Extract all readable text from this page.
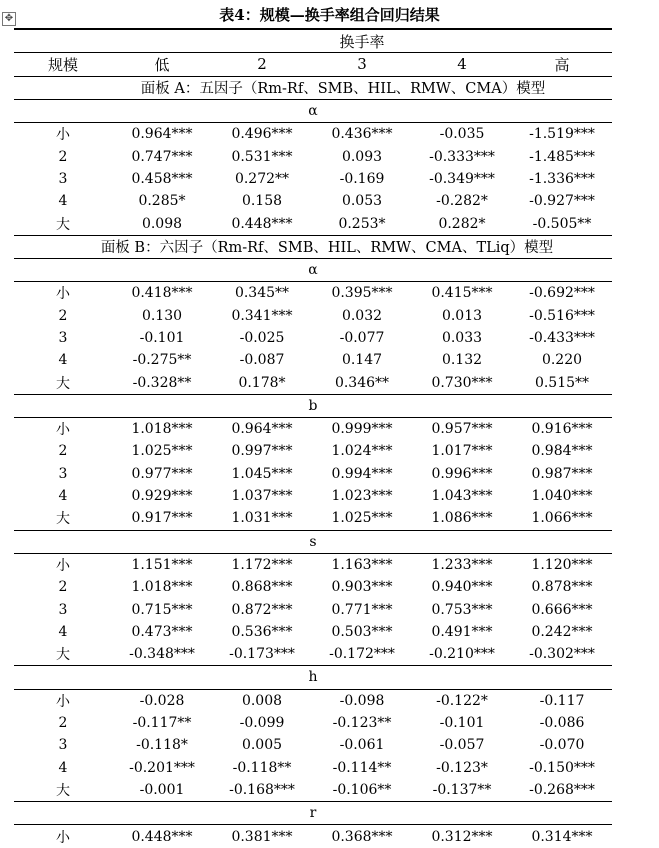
✥	表4：规模—换手率组合回归结果
换手率
规模	低	2	3	4	高
面板 A：五因子（Rm-Rf、SMB、HIL、RMW、CMA）模型
α
小	0.964***	0.496***	0.436***	-0.035	-1.519***
2	0.747***	0.531***	0.093	-0.333***	-1.485***
3	0.458***	0.272**	-0.169	-0.349***	-1.336***
4	0.285*	0.158	0.053	-0.282*	-0.927***
大	0.098	0.448***	0.253*	0.282*	-0.505**
面板 B：六因子（Rm-Rf、SMB、HIL、RMW、CMA、TLiq）模型
α
小	0.418***	0.345**	0.395***	0.415***	-0.692***
2	0.130	0.341***	0.032	0.013	-0.516***
3	-0.101	-0.025	-0.077	0.033	-0.433***
4	-0.275**	-0.087	0.147	0.132	0.220
大	-0.328**	0.178*	0.346**	0.730***	0.515**
b
小	1.018***	0.964***	0.999***	0.957***	0.916***
2	1.025***	0.997***	1.024***	1.017***	0.984***
3	0.977***	1.045***	0.994***	0.996***	0.987***
4	0.929***	1.037***	1.023***	1.043***	1.040***
大	0.917***	1.031***	1.025***	1.086***	1.066***
s
小	1.151***	1.172***	1.163***	1.233***	1.120***
2	1.018***	0.868***	0.903***	0.940***	0.878***
3	0.715***	0.872***	0.771***	0.753***	0.666***
4	0.473***	0.536***	0.503***	0.491***	0.242***
大	-0.348***	-0.173***	-0.172***	-0.210***	-0.302***
h
小	-0.028	0.008	-0.098	-0.122*	-0.117
2	-0.117**	-0.099	-0.123**	-0.101	-0.086
3	-0.118*	0.005	-0.061	-0.057	-0.070
4	-0.201***	-0.118**	-0.114**	-0.123*	-0.150***
大	-0.001	-0.168***	-0.106**	-0.137**	-0.268***
r
小	0.448***	0.381***	0.368***	0.312***	0.314***
